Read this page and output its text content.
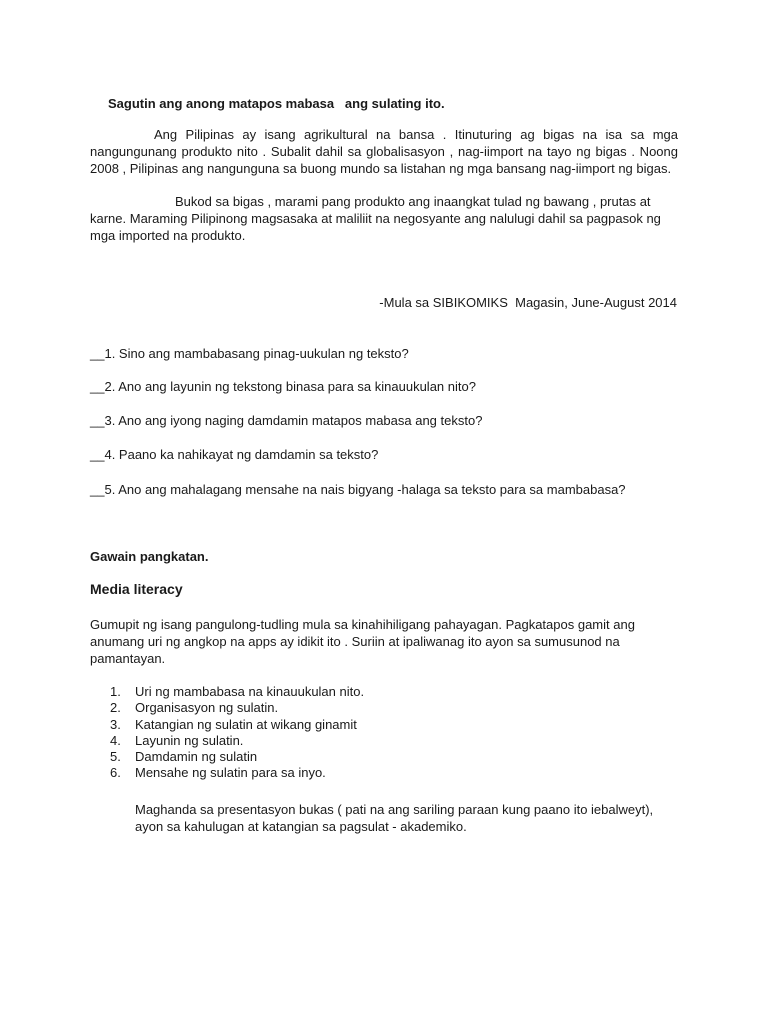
Sagutin ang anong matapos mabasa   ang sulating ito.

Ang Pilipinas ay isang agrikultural na bansa . Itinuturing ag bigas na isa sa mga nangungunang produkto nito . Subalit dahil sa globalisasyon , nag-iimport na tayo ng bigas . Noong 2008 , Pilipinas ang nangunguna sa buong mundo sa listahan ng mga bansang nag-iimport ng bigas.

Bukod sa bigas , marami pang produkto ang inaangkat tulad ng bawang , prutas at karne. Maraming Pilipinong magsasaka at maliliit na negosyante ang nalulugi dahil sa pagpasok ng mga imported na produkto.

-Mula sa SIBIKOMIKS  Magasin, June-August 2014

__1. Sino ang mambabasang pinag-uukulan ng teksto?

__2. Ano ang layunin ng tekstong binasa para sa kinauukulan nito?

__3. Ano ang iyong naging damdamin matapos mabasa ang teksto?

__4. Paano ka nahikayat ng damdamin sa teksto?

__5. Ano ang mahalagang mensahe na nais bigyang -halaga sa teksto para sa mambabasa?

Gawain pangkatan.

Media literacy

Gumupit ng isang pangulong-tudling mula sa kinahihiligang pahayagan. Pagkatapos gamit ang anumang uri ng angkop na apps ay idikit ito . Suriin at ipaliwanag ito ayon sa sumusunod na pamantayan.

1.	Uri ng mambabasa na kinauukulan nito.
2.	Organisasyon ng sulatin.
3.	Katangian ng sulatin at wikang ginamit
4.	Layunin ng sulatin.
5.	Damdamin ng sulatin
6.	Mensahe ng sulatin para sa inyo.

Maghanda sa presentasyon bukas ( pati na ang sariling paraan kung paano ito iebalweyt), ayon sa kahulugan at katangian sa pagsulat - akademiko.
